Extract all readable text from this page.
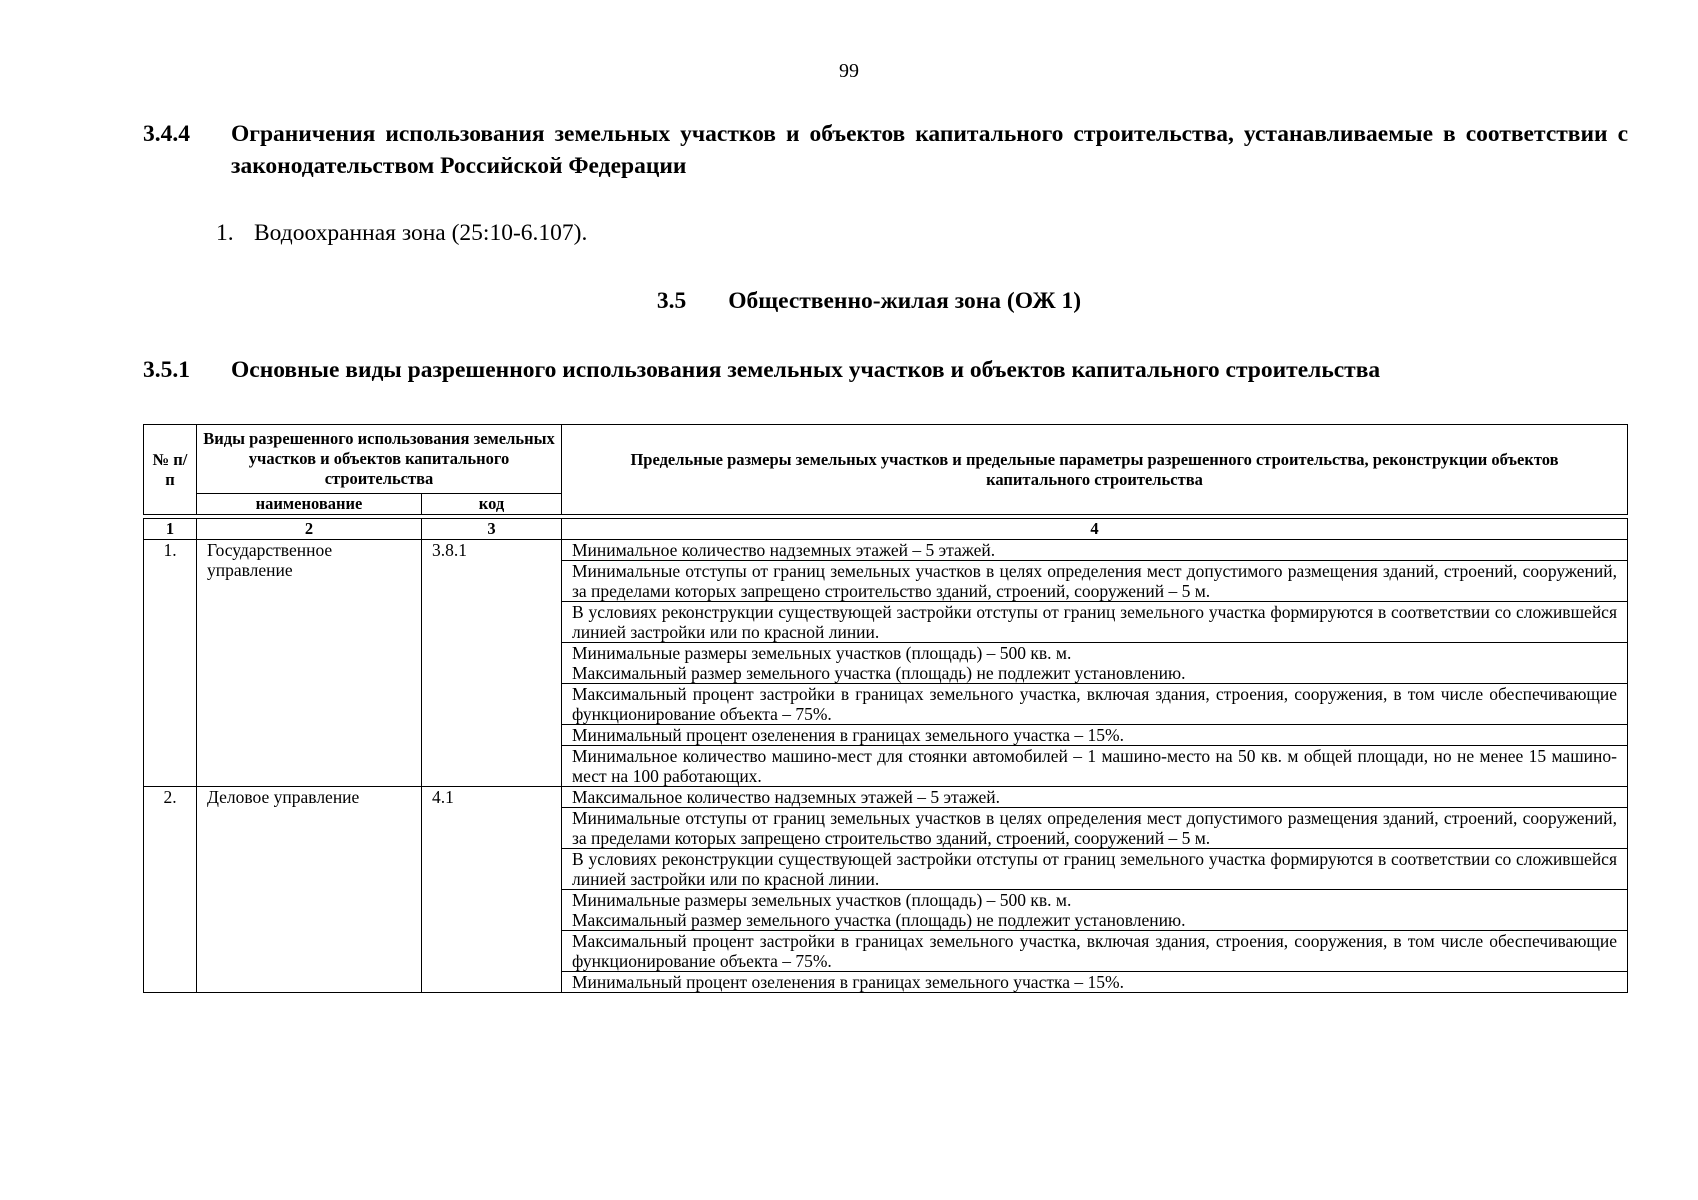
99
3.4.4	Ограничения использования земельных участков и объектов капитального строительства, устанавливаемые в соответствии с законодательством Российской Федерации
1. Водоохранная зона (25:10-6.107).
3.5 Общественно-жилая зона (ОЖ 1)
3.5.1	Основные виды разрешенного использования земельных участков и объектов капитального строительства
№ п/п	Виды разрешенного использования земельных участков и объектов капитального строительства		Предельные размеры земельных участков и предельные параметры разрешенного строительства, реконструкции объектов капитального строительства
	наименование	код	

1	2	3	4
1.	Государственное управление	3.8.1	Минимальное количество надземных этажей – 5 этажей.

			Минимальные отступы от границ земельных участков в целях определения мест допустимого размещения зданий, строений, сооружений, за пределами которых запрещено строительство зданий, строений, сооружений – 5 м.

			В условиях реконструкции существующей застройки отступы от границ земельного участка формируются в соответствии со сложившейся линией застройки или по красной линии.

			Минимальные размеры земельных участков (площадь) – 500 кв. м.
Максимальный размер земельного участка (площадь) не подлежит установлению.

			Максимальный процент застройки в границах земельного участка, включая здания, строения, сооружения, в том числе обеспечивающие функционирование объекта – 75%.

			Минимальный процент озеленения в границах земельного участка – 15%.

			Минимальное количество машино-мест для стоянки автомобилей – 1 машино-место на 50 кв. м общей площади, но не менее 15 машино-мест на 100 работающих.

2.	Деловое управление	4.1	Максимальное количество надземных этажей – 5 этажей.

			Минимальные отступы от границ земельных участков в целях определения мест допустимого размещения зданий, строений, сооружений, за пределами которых запрещено строительство зданий, строений, сооружений – 5 м.

			В условиях реконструкции существующей застройки отступы от границ земельного участка формируются в соответствии со сложившейся линией застройки или по красной линии.

			Минимальные размеры земельных участков (площадь) – 500 кв. м.
Максимальный размер земельного участка (площадь) не подлежит установлению.

			Максимальный процент застройки в границах земельного участка, включая здания, строения, сооружения, в том числе обеспечивающие функционирование объекта – 75%.

			Минимальный процент озеленения в границах земельного участка – 15%.
